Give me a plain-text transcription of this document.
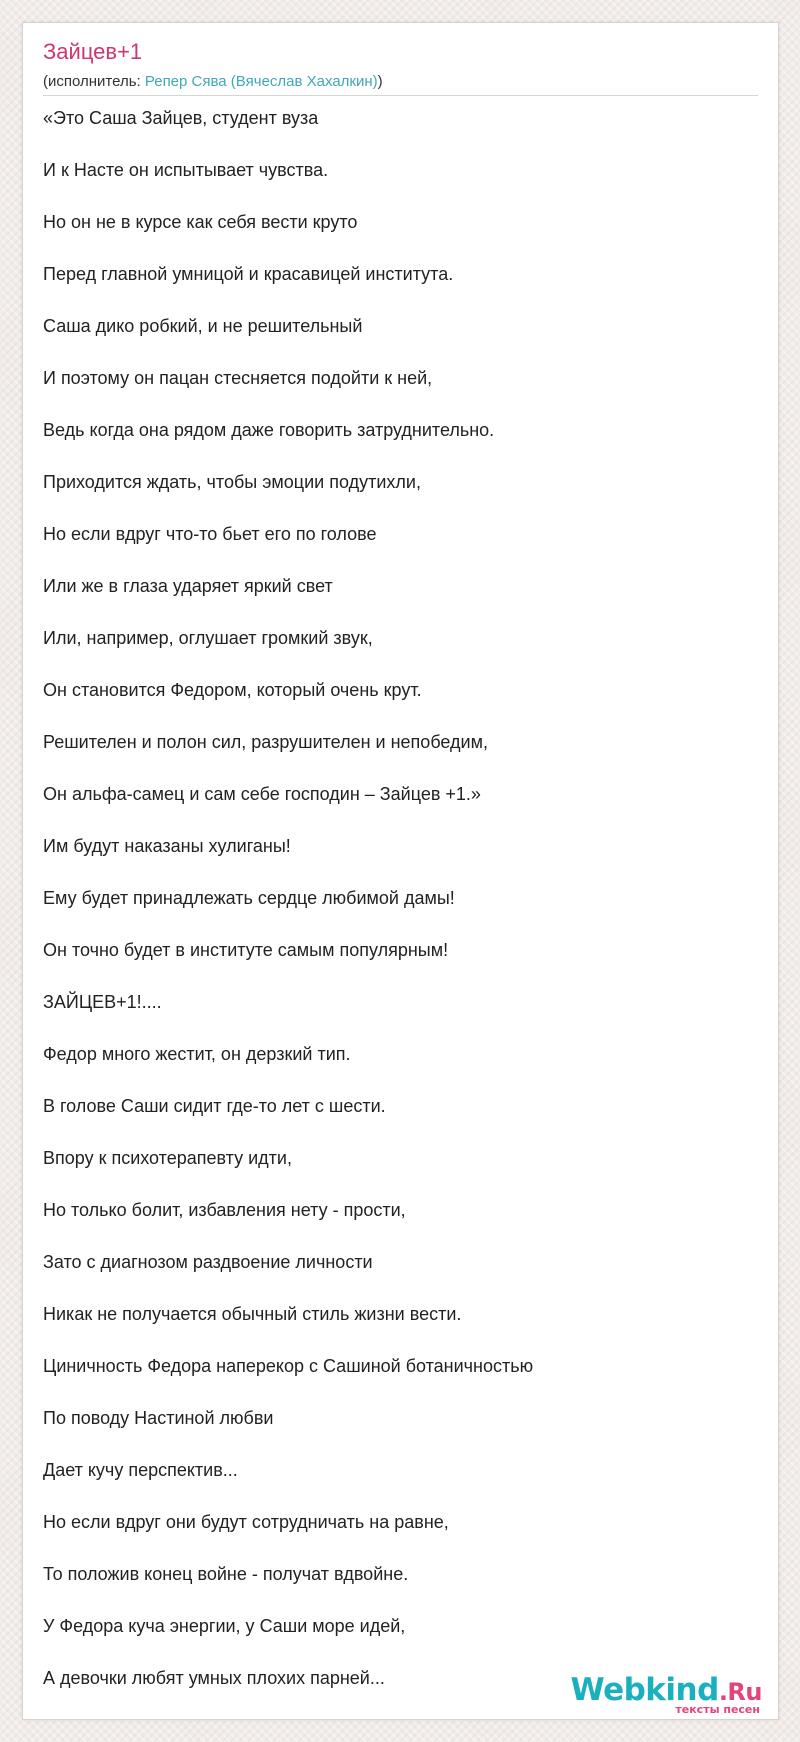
Зайцев+1
(исполнитель: Репер Сява (Вячеслав Хахалкин))
«Это Саша Зайцев, студент вуза
И к Насте он испытывает чувства.
Но он не в курсе как себя вести круто
Перед главной умницой и красавицей института.
Саша дико робкий, и не решительный
И поэтому он пацан стесняется подойти к ней,
Ведь когда она рядом даже говорить затруднительно.
Приходится ждать, чтобы эмоции подутихли,
Но если вдруг что-то бьет его по голове
Или же в глаза ударяет яркий свет
Или, например, оглушает громкий звук,
Он становится Федором, который очень крут.
Решителен и полон сил, разрушителен и непобедим,
Он альфа-самец и сам себе господин – Зайцев +1.»
Им будут наказаны хулиганы!
Ему будет принадлежать сердце любимой дамы!
Он точно будет в институте самым популярным!
ЗАЙЦЕВ+1!....
Федор много жестит, он дерзкий тип.
В голове Саши сидит где-то лет с шести.
Впору к психотерапевту идти,
Но только болит, избавления нету - прости,
Зато с диагнозом раздвоение личности
Никак не получается обычный стиль жизни вести.
Циничность Федора наперекор с Сашиной ботаничностью
По поводу Настиной любви
Дает кучу перспектив...
Но если вдруг они будут сотрудничать на равне,
То положив конец войне - получат вдвойне.
У Федора куча энергии, у Саши море идей,
А девочки любят умных плохих парней...	Webkind.Ru
тексты песен
